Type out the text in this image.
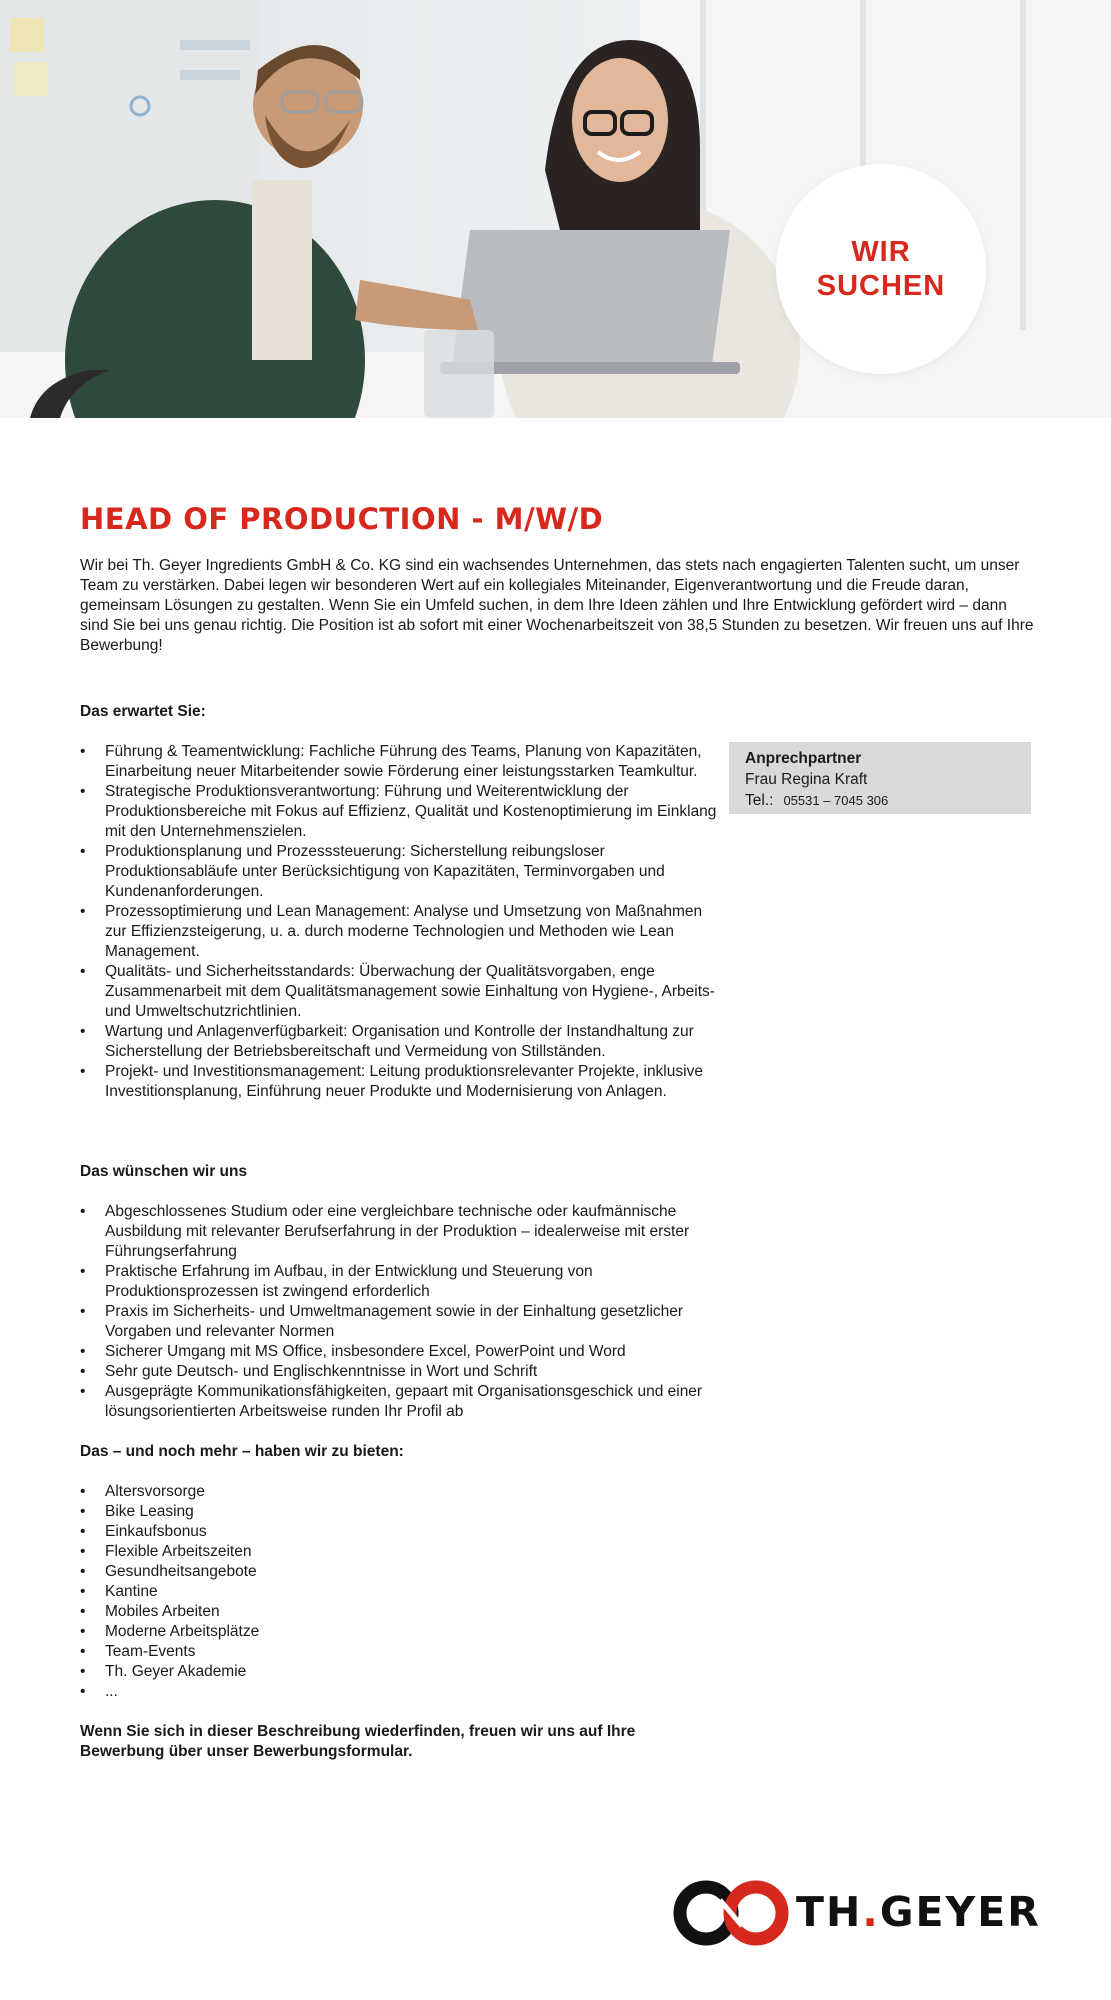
WIR
SUCHEN
HEAD OF PRODUCTION - M/W/D

Wir bei Th. Geyer Ingredients GmbH & Co. KG sind ein wachsendes Unternehmen, das stets nach engagierten Talenten sucht, um unser Team zu verstärken. Dabei legen wir besonderen Wert auf ein kollegiales Miteinander, Eigenverantwortung und die Freude daran, gemeinsam Lösungen zu gestalten. Wenn Sie ein Umfeld suchen, in dem Ihre Ideen zählen und Ihre Entwicklung gefördert wird – dann sind Sie bei uns genau richtig. Die Position ist ab sofort mit einer Wochenarbeitszeit von 38,5 Stunden zu besetzen. Wir freuen uns auf Ihre Bewerbung!

Das erwartet Sie:
• Führung & Teamentwicklung: Fachliche Führung des Teams, Planung von Kapazitäten, Einarbeitung neuer Mitarbeitender sowie Förderung einer leistungsstarken Teamkultur.
• Strategische Produktionsverantwortung: Führung und Weiterentwicklung der Produktionsbereiche mit Fokus auf Effizienz, Qualität und Kostenoptimierung im Einklang mit den Unternehmenszielen.
• Produktionsplanung und Prozesssteuerung: Sicherstellung reibungsloser Produktionsabläufe unter Berücksichtigung von Kapazitäten, Terminvorgaben und Kundenanforderungen.
• Prozessoptimierung und Lean Management: Analyse und Umsetzung von Maßnahmen zur Effizienzsteigerung, u. a. durch moderne Technologien und Methoden wie Lean Management.
• Qualitäts- und Sicherheitsstandards: Überwachung der Qualitätsvorgaben, enge Zusammenarbeit mit dem Qualitätsmanagement sowie Einhaltung von Hygiene-, Arbeits- und Umweltschutzrichtlinien.
• Wartung und Anlagenverfügbarkeit: Organisation und Kontrolle der Instandhaltung zur Sicherstellung der Betriebsbereitschaft und Vermeidung von Stillständen.
• Projekt- und Investitionsmanagement: Leitung produktionsrelevanter Projekte, inklusive Investitionsplanung, Einführung neuer Produkte und Modernisierung von Anlagen.
Anprechpartner
Frau Regina Kraft
Tel.: 05531 – 7045 306
Das wünschen wir uns
• Abgeschlossenes Studium oder eine vergleichbare technische oder kaufmännische Ausbildung mit relevanter Berufserfahrung in der Produktion – idealerweise mit erster Führungserfahrung
• Praktische Erfahrung im Aufbau, in der Entwicklung und Steuerung von Produktionsprozessen ist zwingend erforderlich
• Praxis im Sicherheits- und Umweltmanagement sowie in der Einhaltung gesetzlicher Vorgaben und relevanter Normen
• Sicherer Umgang mit MS Office, insbesondere Excel, PowerPoint und Word
• Sehr gute Deutsch- und Englischkenntnisse in Wort und Schrift
• Ausgeprägte Kommunikationsfähigkeiten, gepaart mit Organisationsgeschick und einer lösungsorientierten Arbeitsweise runden Ihr Profil ab
Das – und noch mehr – haben wir zu bieten:
• Altersvorsorge
• Bike Leasing
• Einkaufsbonus
• Flexible Arbeitszeiten
• Gesundheitsangebote
• Kantine
• Mobiles Arbeiten
• Moderne Arbeitsplätze
• Team-Events
• Th. Geyer Akademie
• ...

Wenn Sie sich in dieser Beschreibung wiederfinden, freuen wir uns auf Ihre Bewerbung über unser Bewerbungsformular.

TH.GEYER
